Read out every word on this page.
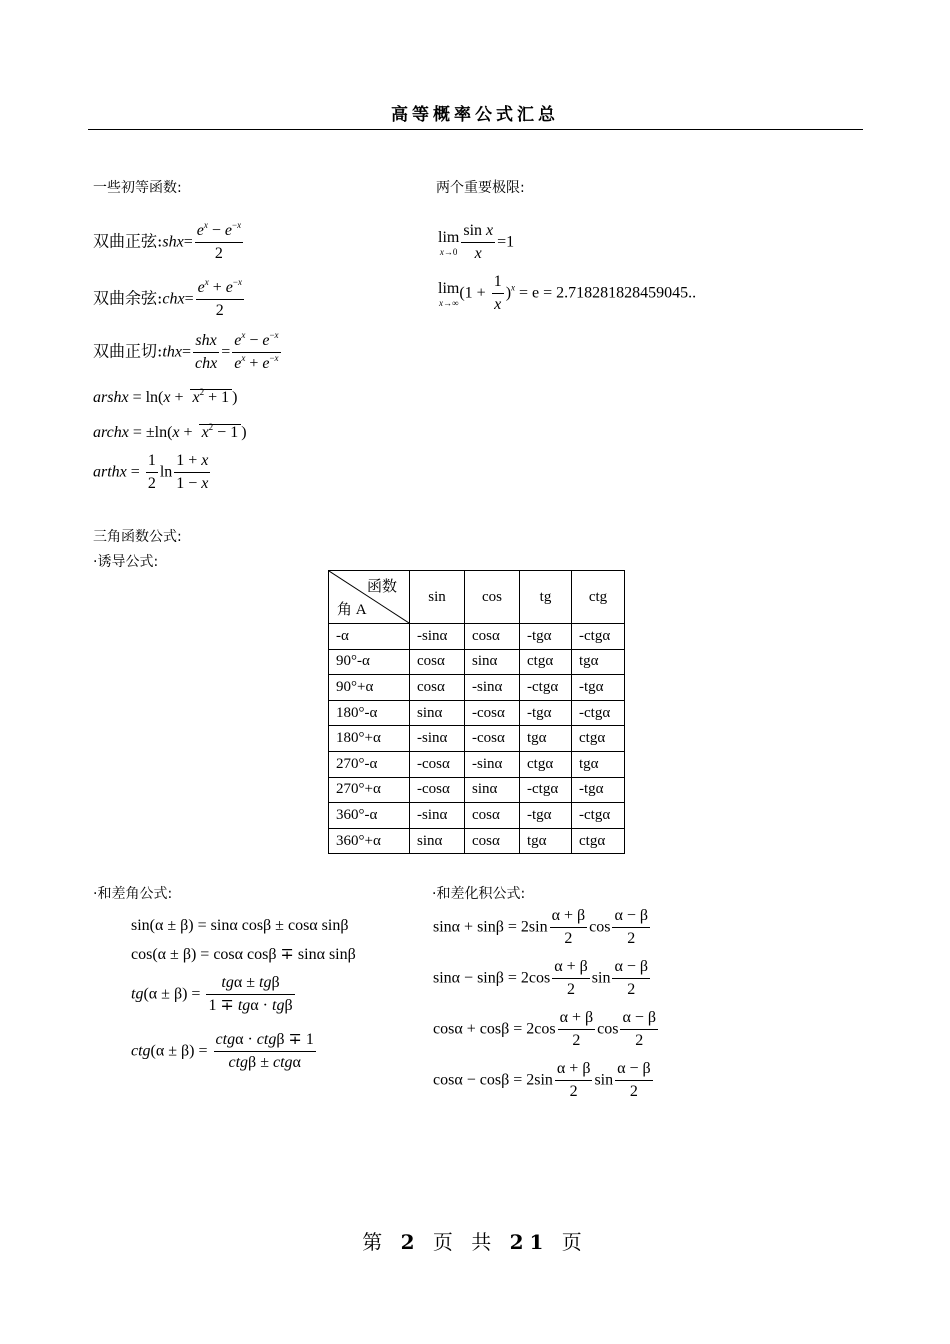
高等概率公式汇总
一些初等函数:	两个重要极限:
双曲正弦:shx= $\frac{e^x - e^{-x}}{2}$
双曲余弦:chx= $\frac{e^x + e^{-x}}{2}$
双曲正切:thx=
shx
chx
= $\frac{e^x - e^{-x}}{e^x + e^{-x}}$
arshx = $\ln(x + x^2 + 1$ )
archx = $\pm\ln(x + x^2 - 1$ )
arthx = $\frac{1}{2}$ $\ln \frac{1 + x}{1 - x}$
lim
$x\to 0 \frac{\text{sin x}}{x} =1$
lim
x→∞
$(1 + \frac{1}{x} )^x = e = 2.718281828459045$..
三角函数公式:
·诱导公式:
函数
角 A	sin	cos	tg	ctg
-α	-sinα	cosα	-tgα	-ctgα
90°-α	cosα	sinα	ctgα	tgα
90°+α	cosα	-sinα	-ctgα	-tgα
180°-α	sinα	-cosα	-tgα	-ctgα
180°+α	-sinα	-cosα	tgα	ctgα
270°-α	-cosα	-sinα	ctgα	tgα
270°+α	-cosα	sinα	-ctgα	-tgα
360°-α	-sinα	cosα	-tgα	-ctgα
360°+α	sinα	cosα	tgα	ctgα
·和差角公式:	·和差化积公式:
sin(α ± β) = sinα cosβ ± cosα sinβ
cos(α ± β) = cosα cosβ ∓ sinα sinβ
tg(α ± β) =
tgα ± tgβ
1 ∓ tgα · tgβ
ctg(α ± β) =
ctgα · ctgβ ∓ 1
ctgβ ± ctgα
$\sin\alpha + \sin\beta = 2\sin \frac{\alpha + \beta}{2}$ $\cos \frac{\alpha - \beta}{2}$
$\sin\alpha - \sin\beta = 2\cos \frac{\alpha + \beta}{2}$ $\sin \frac{\alpha - \beta}{2}$
$\cos\alpha + \cos\beta = 2\cos \frac{\alpha + \beta}{2}$ $\cos \frac{\alpha - \beta}{2}$
$\cos\alpha - \cos\beta = 2\sin \frac{\alpha + \beta}{2}$ $\sin \frac{\alpha - \beta}{2}$
第 2 页 共 21 页
